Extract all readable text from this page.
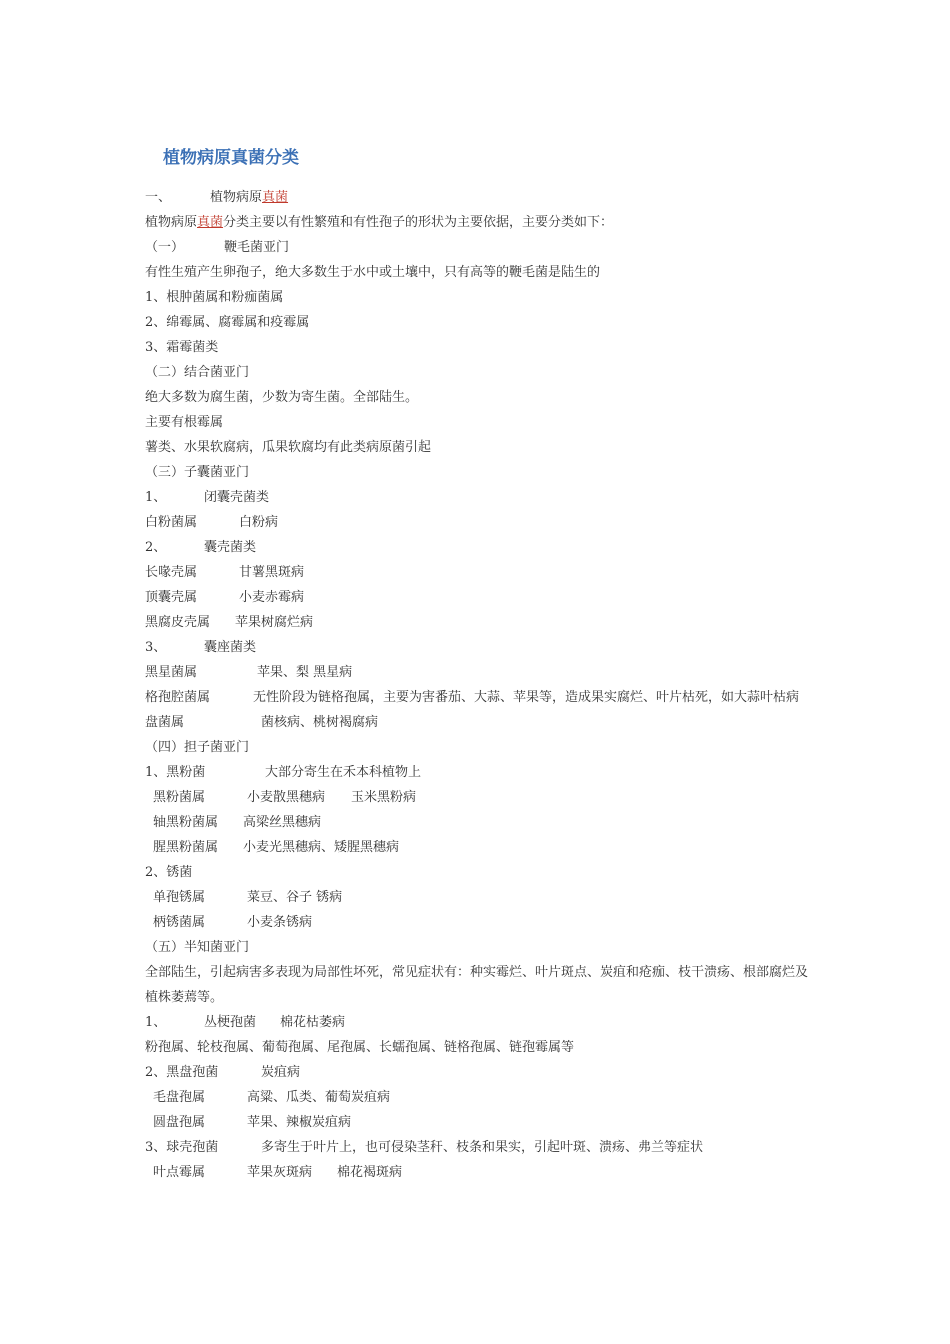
植物病原真菌分类
一、	植物病原真菌
植物病原真菌分类主要以有性繁殖和有性孢子的形状为主要依据，主要分类如下：
（一）	鞭毛菌亚门
有性生殖产生卵孢子，绝大多数生于水中或土壤中，只有高等的鞭毛菌是陆生的
1、根肿菌属和粉痂菌属
2、绵霉属、腐霉属和疫霉属
3、霜霉菌类
（二）结合菌亚门
绝大多数为腐生菌，少数为寄生菌。全部陆生。
主要有根霉属
薯类、水果软腐病，瓜果软腐均有此类病原菌引起
（三）子囊菌亚门
1、	闭囊壳菌类
白粉菌属	白粉病
2、	囊壳菌类
长喙壳属	甘薯黑斑病
顶囊壳属	小麦赤霉病
黑腐皮壳属 苹果树腐烂病
3、	囊座菌类
黑星菌属	苹果、梨 黑星病
格孢腔菌属	无性阶段为链格孢属，主要为害番茄、大蒜、苹果等，造成果实腐烂、叶片枯死，如大蒜叶枯病
盘菌属	菌核病、桃树褐腐病
（四）担子菌亚门
1、黑粉菌	大部分寄生在禾本科植物上
黑粉菌属	小麦散黑穗病 玉米黑粉病
轴黑粉菌属 高梁丝黑穗病
腥黑粉菌属 小麦光黑穗病、矮腥黑穗病
2、锈菌
单孢锈属	菜豆、谷子 锈病
柄锈菌属	小麦条锈病
（五）半知菌亚门
全部陆生，引起病害多表现为局部性坏死，常见症状有：种实霉烂、叶片斑点、炭疽和疮痂、枝干溃疡、根部腐烂及植株萎蔫等。
1、	丛梗孢菌 棉花枯萎病
粉孢属、轮枝孢属、葡萄孢属、尾孢属、长蠕孢属、链格孢属、链孢霉属等
2、黑盘孢菌	炭疽病
毛盘孢属	高粱、瓜类、葡萄炭疽病
圆盘孢属	苹果、辣椒炭疽病
3、球壳孢菌	多寄生于叶片上，也可侵染茎秆、枝条和果实，引起叶斑、溃疡、弗兰等症状
叶点霉属	苹果灰斑病 棉花褐斑病
